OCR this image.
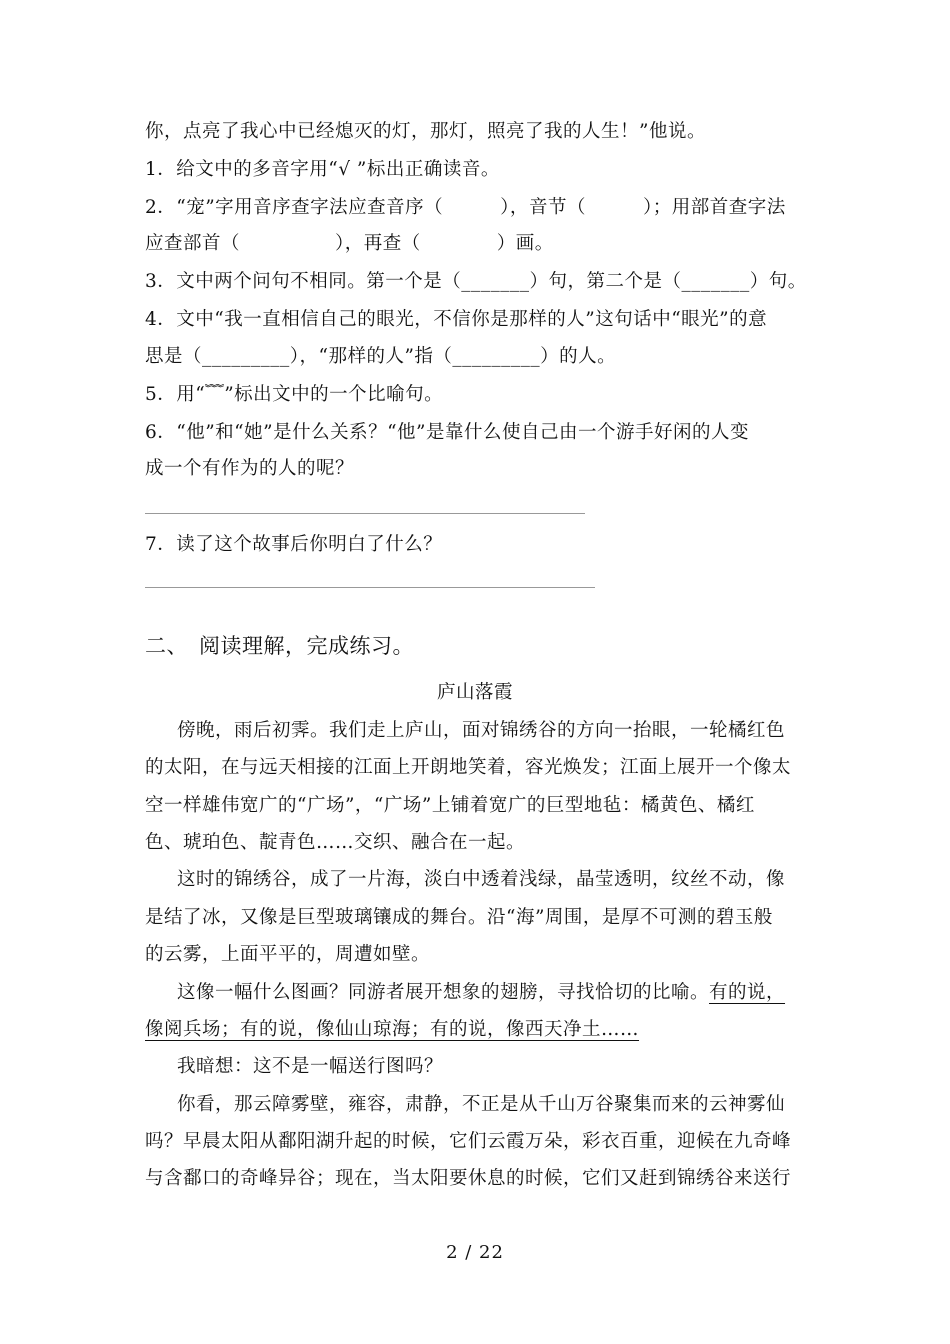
你，点亮了我心中已经熄灭的灯，那灯，照亮了我的人生！”他说。
1．给文中的多音字用“√ ”标出正确读音。
2．“宠”字用音序查字法应查音序（　　　），音节（　　　）；用部首查字法
应查部首（　　　　　），再查（　　　　）画。
3．文中两个问句不相同。第一个是（_______）句，第二个是（_______）句。
4．文中“我一直相信自己的眼光，不信你是那样的人”这句话中“眼光”的意
思是（_________），“那样的人”指（_________）的人。
5．用“﹌”标出文中的一个比喻句。
6．“他”和“她”是什么关系？“他”是靠什么使自己由一个游手好闲的人变
成一个有作为的人的呢？
7．读了这个故事后你明白了什么？
二、　阅读理解，完成练习。
庐山落霞
傍晚，雨后初霁。我们走上庐山，面对锦绣谷的方向一抬眼，一轮橘红色
的太阳，在与远天相接的江面上开朗地笑着，容光焕发；江面上展开一个像太
空一样雄伟宽广的“广场”，“广场”上铺着宽广的巨型地毡：橘黄色、橘红
色、琥珀色、靛青色……交织、融合在一起。
这时的锦绣谷，成了一片海，淡白中透着浅绿，晶莹透明，纹丝不动，像
是结了冰，又像是巨型玻璃镶成的舞台。沿“海”周围，是厚不可测的碧玉般
的云雾，上面平平的，周遭如壁。
这像一幅什么图画？同游者展开想象的翅膀，寻找恰切的比喻。有的说，
像阅兵场；有的说，像仙山琼海；有的说，像西天净土……
我暗想：这不是一幅送行图吗？
你看，那云障雾壁，雍容，肃静，不正是从千山万谷聚集而来的云神雾仙
吗？早晨太阳从鄱阳湖升起的时候，它们云霞万朵，彩衣百重，迎候在九奇峰
与含鄱口的奇峰异谷；现在，当太阳要休息的时候，它们又赶到锦绣谷来送行
2 / 22
